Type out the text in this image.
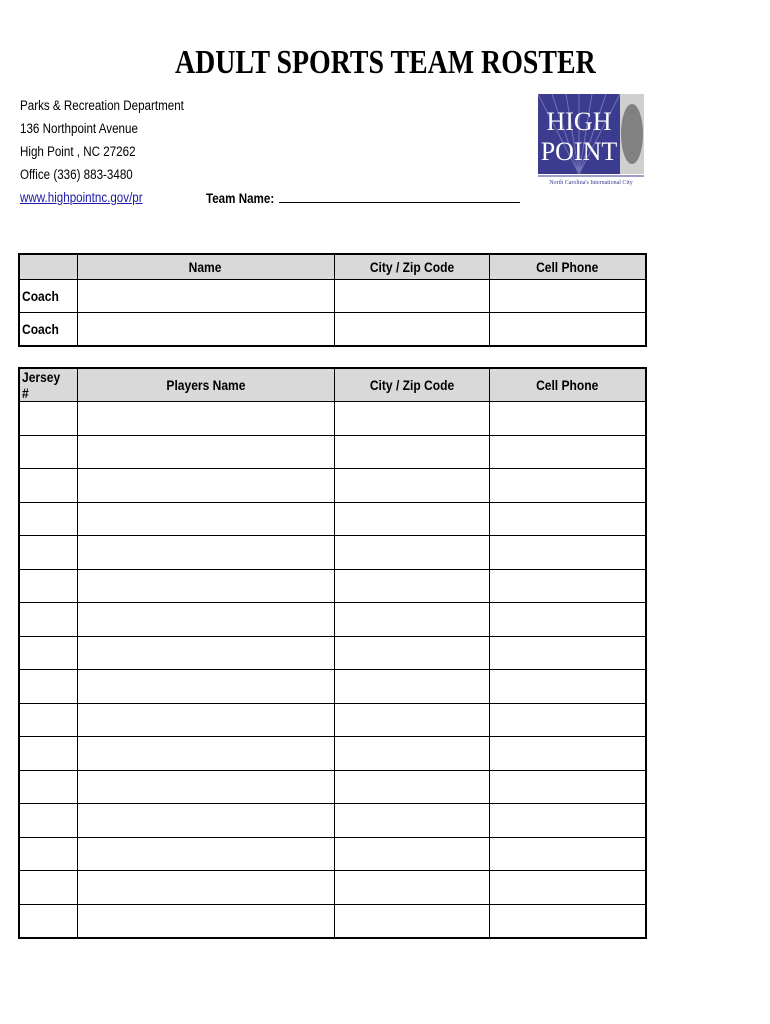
ADULT SPORTS TEAM ROSTER
Parks & Recreation Department
136 Northpoint Avenue
High Point , NC 27262
Office (336) 883-3480
www.highpointnc.gov/pr	Team Name:
HIGH
POINT
North Carolina's International City
	Name	City / Zip Code	Cell Phone
Coach			
Coach			
Jersey #	Players Name	City / Zip Code	Cell Phone
